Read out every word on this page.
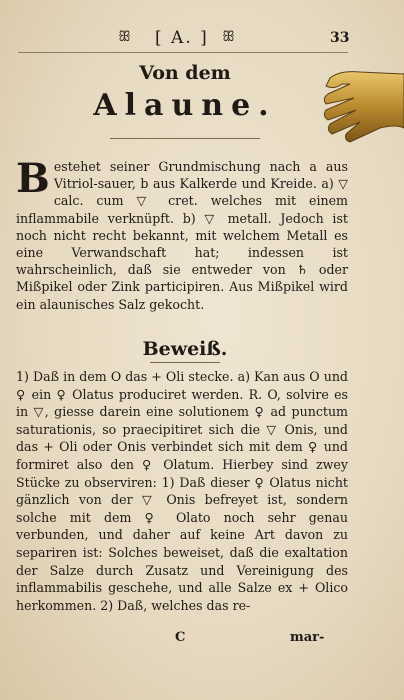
ꕥ [ A. ] ꕥ	33
Von dem
Alaune.

Bestehet seiner Grundmischung nach a aus Vitriol-sauer, b aus Kalkerde und Kreide. a) ▽ calc. cum ▽ cret. welches mit einem inflammabile verknüpft. b) ▽ metall. Jedoch ist noch nicht recht bekannt, mit welchem Metall es eine Verwandschaft hat; indessen ist wahrscheinlich, daß sie entweder von ♄ oder Mißpikel oder Zink participiren. Aus Mißpikel wird ein alaunisches Salz gekocht.

Beweiß.

1) Daß in dem O das + Oli stecke. a) Kan aus O und ♀ ein ♀ Olatus produciret werden. R. O, solvire es in ▽, giesse darein eine solutionem ♀ ad punctum saturationis, so praecipitiret sich die ▽ Onis, und das + Oli oder Onis verbindet sich mit dem ♀ und formiret also den ♀ Olatum. Hierbey sind zwey Stücke zu observiren: 1) Daß dieser ♀ Olatus nicht gänzlich von der ▽ Onis befreyet ist, sondern solche mit dem ♀ Olato noch sehr genau verbunden, und daher auf keine Art davon zu separiren ist: Solches beweiset, daß die exaltation der Salze durch Zusatz und Vereinigung des inflammabilis geschehe, und alle Salze ex + Olico herkommen. 2) Daß, welches das re-

C	mar-
